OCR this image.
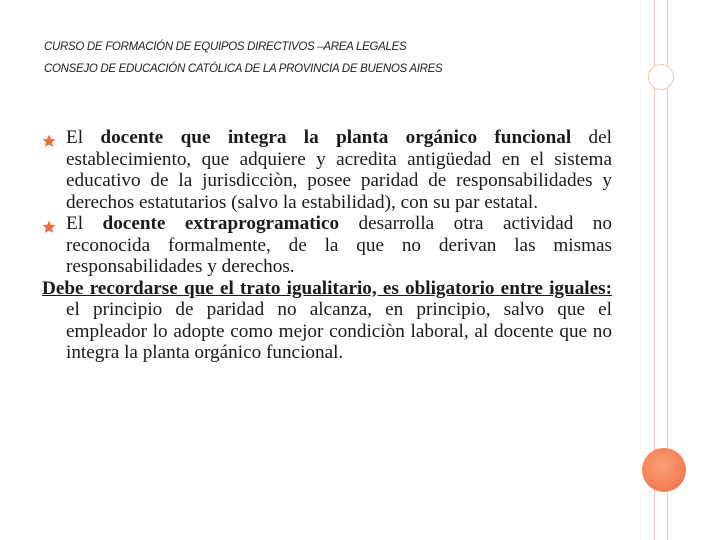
CURSO DE FORMACIÓN DE EQUIPOS DIRECTIVOS –AREA LEGALES
CONSEJO DE EDUCACIÓN CATÓLICA DE LA PROVINCIA DE BUENOS AIRES

El docente que integra la planta orgánico funcional del establecimiento, que adquiere y acredita antigüedad en el sistema educativo de la jurisdicciòn, posee paridad de responsabilidades y derechos estatutarios (salvo la estabilidad), con su par estatal.

El docente extraprogramatico desarrolla otra actividad no reconocida formalmente, de la que no derivan las mismas responsabilidades y derechos.

Debe recordarse que el trato igualitario, es obligatorio entre iguales: el principio de paridad no alcanza, en principio, salvo que el empleador lo adopte como mejor condiciòn laboral, al docente que no integra la planta orgánico funcional.
